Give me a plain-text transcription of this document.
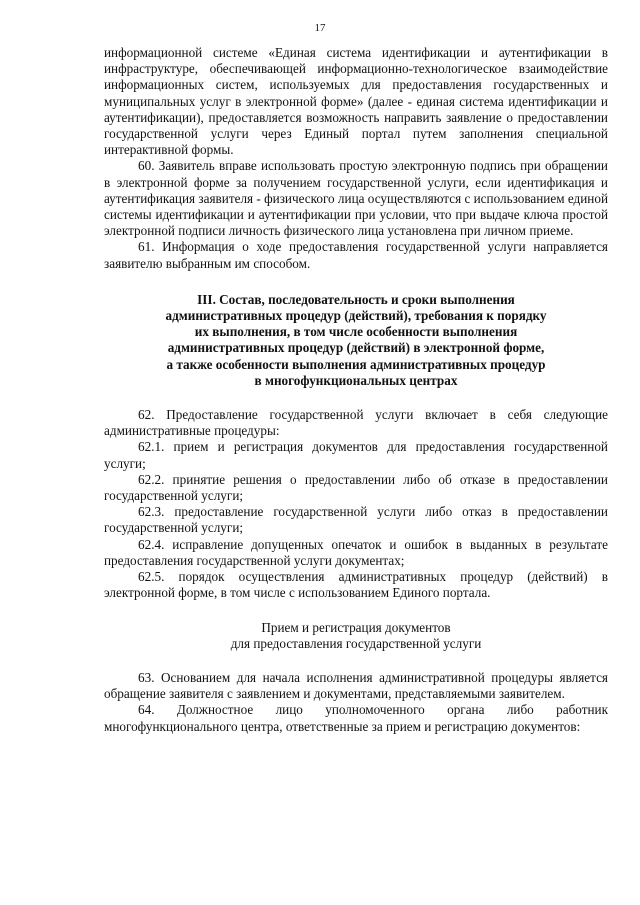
17

информационной системе «Единая система идентификации и аутентификации в инфраструктуре, обеспечивающей информационно-технологическое взаимодействие информационных систем, используемых для предоставления государственных и муниципальных услуг в электронной форме» (далее - единая система идентификации и аутентификации), предоставляется возможность направить заявление о предоставлении государственной услуги через Единый портал путем заполнения специальной интерактивной формы.

60. Заявитель вправе использовать простую электронную подпись при обращении в электронной форме за получением государственной услуги, если идентификация и аутентификация заявителя - физического лица осуществляются с использованием единой системы идентификации и аутентификации при условии, что при выдаче ключа простой электронной подписи личность физического лица установлена при личном приеме.

61. Информация о ходе предоставления государственной услуги направляется заявителю выбранным им способом.

III. Состав, последовательность и сроки выполнения
административных процедур (действий), требования к порядку
их выполнения, в том числе особенности выполнения
административных процедур (действий) в электронной форме,
а также особенности выполнения административных процедур
в многофункциональных центрах

62. Предоставление государственной услуги включает в себя следующие административные процедуры:

62.1. прием и регистрация документов для предоставления государственной услуги;

62.2. принятие решения о предоставлении либо об отказе в предоставлении государственной услуги;

62.3. предоставление государственной услуги либо отказ в предоставлении государственной услуги;

62.4. исправление допущенных опечаток и ошибок в выданных в результате предоставления государственной услуги документах;

62.5. порядок осуществления административных процедур (действий) в электронной форме, в том числе с использованием Единого портала.

Прием и регистрация документов
для предоставления государственной услуги

63. Основанием для начала исполнения административной процедуры является обращение заявителя с заявлением и документами, представляемыми заявителем.

64. Должностное лицо уполномоченного органа либо работник многофункционального центра, ответственные за прием и регистрацию документов:
